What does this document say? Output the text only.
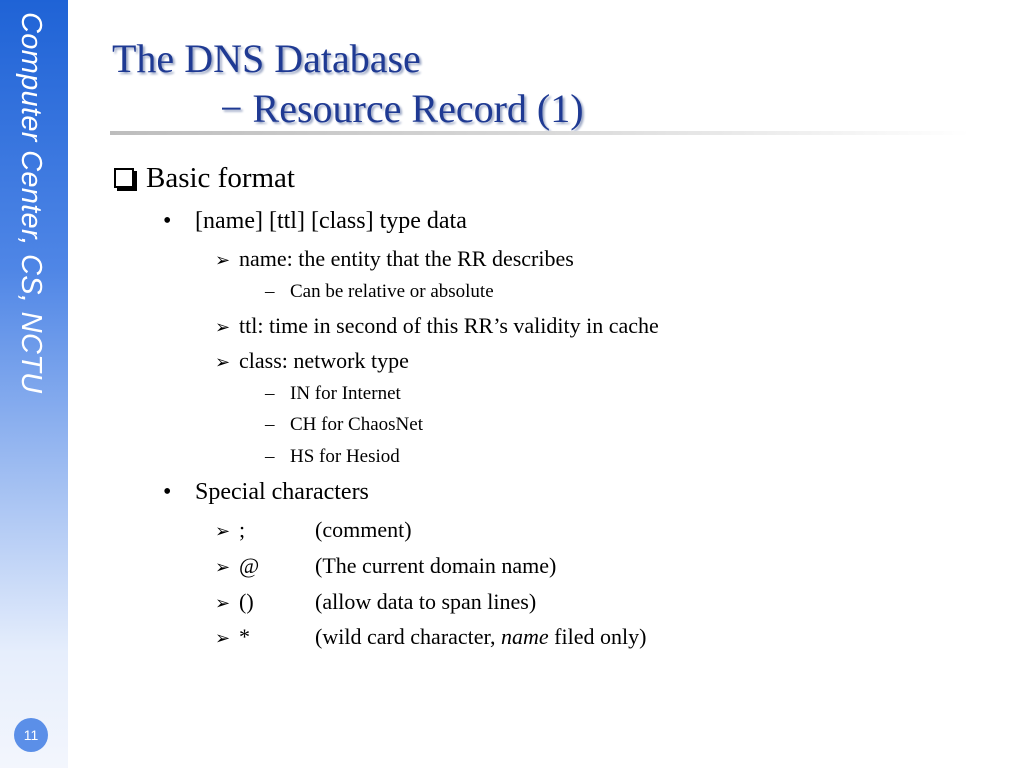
Computer Center, CS, NCTU
11
The DNS Database
− Resource Record (1)
Basic format
• [name] [ttl] [class] type data
➢ name: the entity that the RR describes
– Can be relative or absolute
➢ ttl: time in second of this RR’s validity in cache
➢ class: network type
– IN for Internet
– CH for ChaosNet
– HS for Hesiod
• Special characters
➢ ;	(comment)
➢ @	(The current domain name)
➢ ()	(allow data to span lines)
➢ *	(wild card character, name filed only)
